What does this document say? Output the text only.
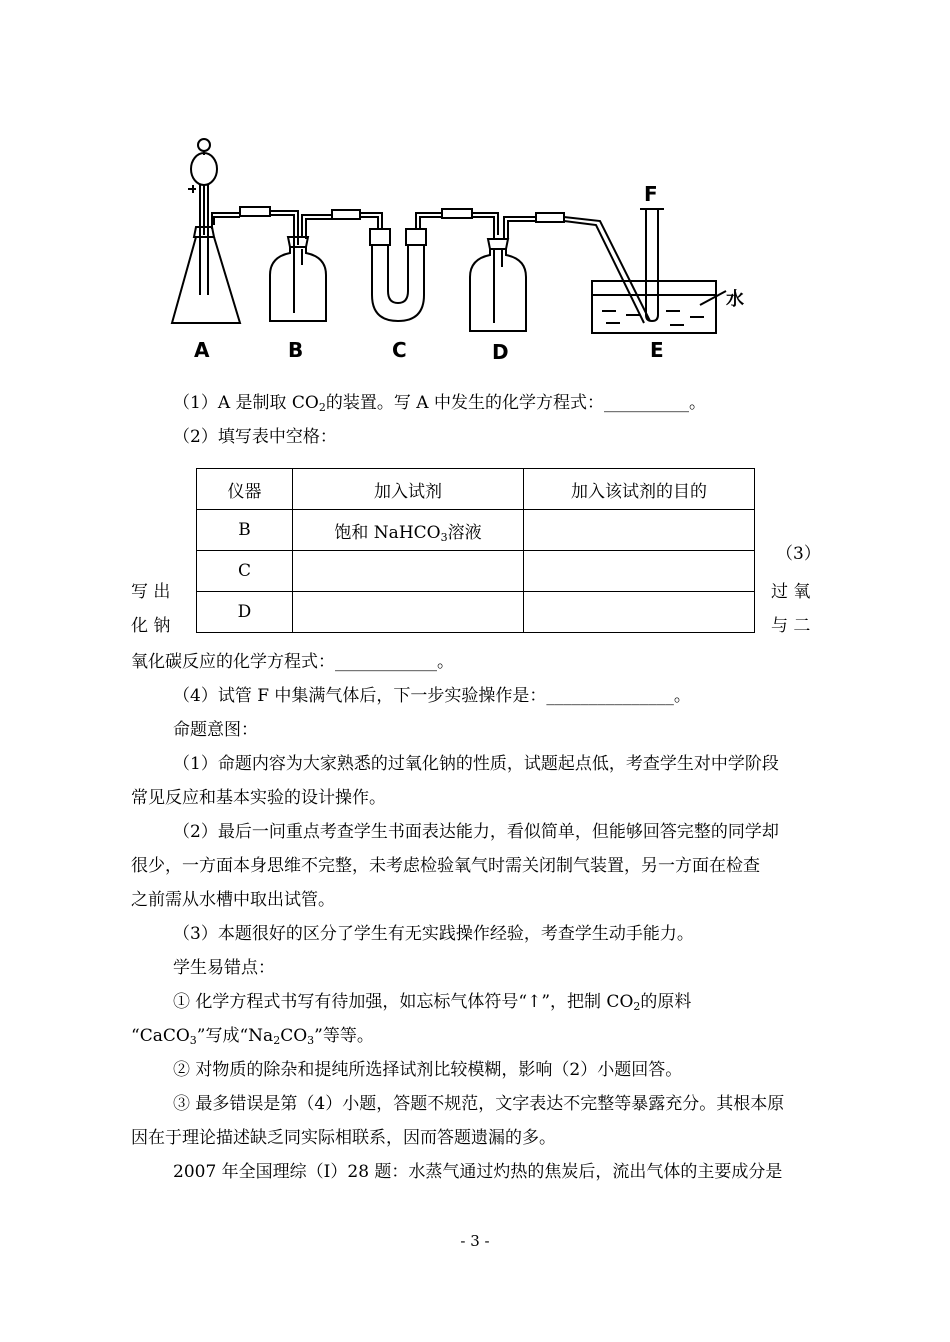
A	B	C	D	E
F
水
（1）A 是制取 $CO_2$的装置。写 A 中发生的化学方程式：__________。
（2）填写表中空格：
仪器	加入试剂	加入该试剂的目的
B	饱和 NaHCO$_3$溶液	
C		
D		
（3）
写 出	过 氧
化 钠	与 二
氧化碳反应的化学方程式：____________。
（4）试管 F 中集满气体后，下一步实验操作是：_______________。
命题意图：
（1）命题内容为大家熟悉的过氧化钠的性质，试题起点低，考查学生对中学阶段
常见反应和基本实验的设计操作。
（2）最后一问重点考查学生书面表达能力，看似简单，但能够回答完整的同学却
很少，一方面本身思维不完整，未考虑检验氧气时需关闭制气装置，另一方面在检查
之前需从水槽中取出试管。
（3）本题很好的区分了学生有无实践操作经验，考查学生动手能力。
学生易错点：
① 化学方程式书写有待加强，如忘标气体符号“↑”，把制 $CO_2$的原料
“CaCO$_3$”写成“$Na_2CO_3$”等等。
② 对物质的除杂和提纯所选择试剂比较模糊，影响（2）小题回答。
③ 最多错误是第（4）小题，答题不规范，文字表达不完整等暴露充分。其根本原
因在于理论描述缺乏同实际相联系，因而答题遗漏的多。
2007 年全国理综（I）28 题：水蒸气通过灼热的焦炭后，流出气体的主要成分是
- 3 -
